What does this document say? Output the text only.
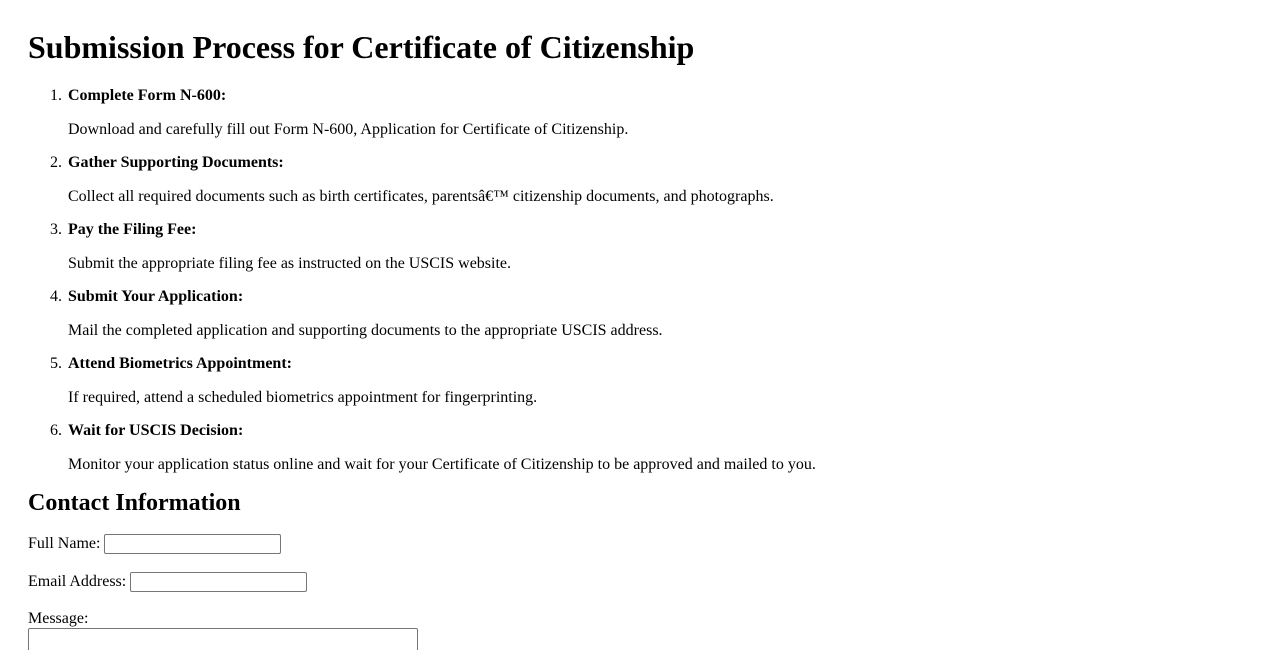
Submission Process for Certificate of Citizenship
1. Complete Form N-600:
Download and carefully fill out Form N-600, Application for Certificate of Citizenship.
2. Gather Supporting Documents:
Collect all required documents such as birth certificates, parentsâ€™ citizenship documents, and photographs.
3. Pay the Filing Fee:
Submit the appropriate filing fee as instructed on the USCIS website.
4. Submit Your Application:
Mail the completed application and supporting documents to the appropriate USCIS address.
5. Attend Biometrics Appointment:
If required, attend a scheduled biometrics appointment for fingerprinting.
6. Wait for USCIS Decision:
Monitor your application status online and wait for your Certificate of Citizenship to be approved and mailed to you.
Contact Information
Full Name:
Email Address:
Message:
